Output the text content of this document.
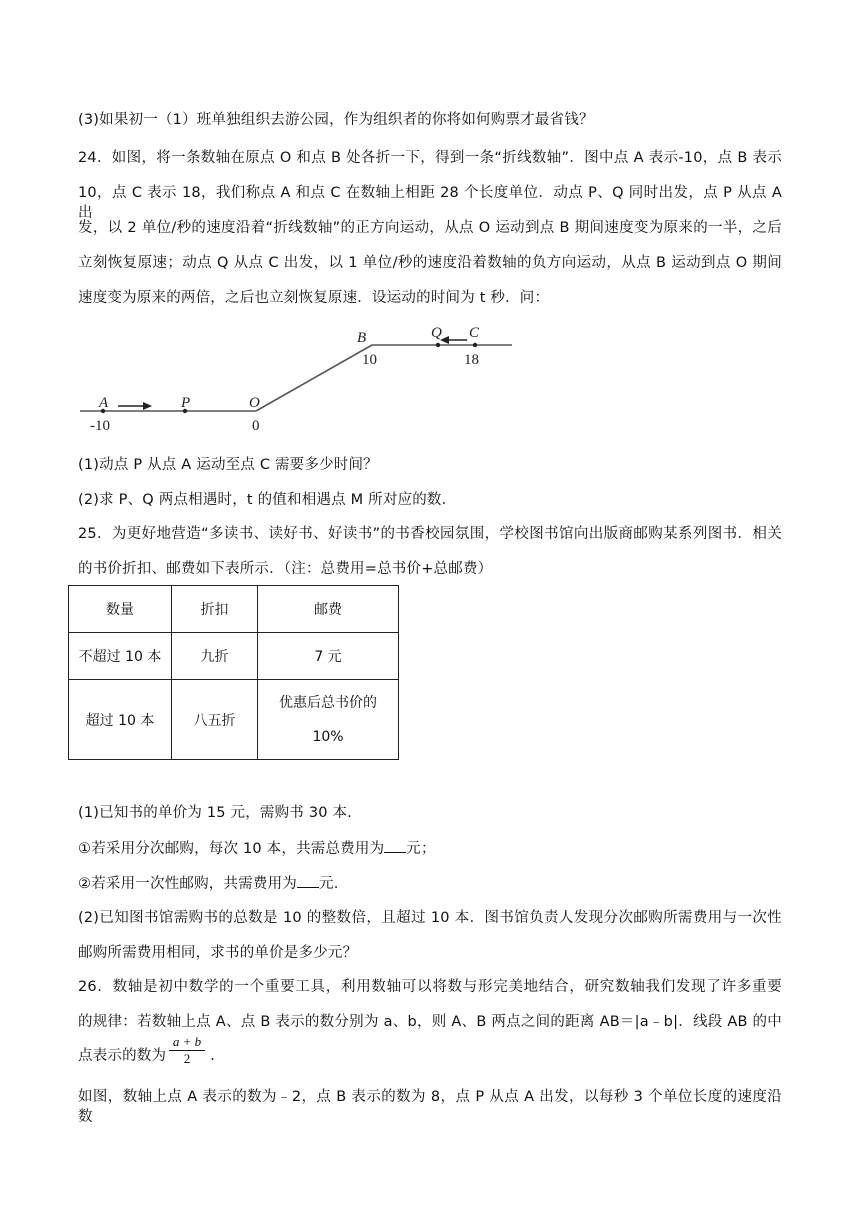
(3)如果初一（1）班单独组织去游公园，作为组织者的你将如何购票才最省钱？
24．如图，将一条数轴在原点 O 和点 B 处各折一下，得到一条“折线数轴”．图中点 A 表示-10，点 B 表示
10，点 C 表示 18，我们称点 A 和点 C 在数轴上相距 28 个长度单位．动点 P、Q 同时出发，点 P 从点 A 出
发，以 2 单位/秒的速度沿着“折线数轴”的正方向运动，从点 O 运动到点 B 期间速度变为原来的一半，之后
立刻恢复原速；动点 Q 从点 C 出发，以 1 单位/秒的速度沿着数轴的负方向运动，从点 B 运动到点 O 期间
速度变为原来的两倍，之后也立刻恢复原速．设运动的时间为 t 秒．问：
A	P	O
B	Q C
-10	0
10	18
(1)动点 P 从点 A 运动至点 C 需要多少时间？
(2)求 P、Q 两点相遇时，t 的值和相遇点 M 所对应的数．
25．为更好地营造“多读书、读好书、好读书”的书香校园氛围，学校图书馆向出版商邮购某系列图书．相关
的书价折扣、邮费如下表所示．（注：总费用=总书价+总邮费）
数量	折扣	邮费
不超过 10 本	九折	7 元
超过 10 本	八五折	优惠后总书价的
10%
(1)已知书的单价为 15 元，需购书 30 本.
①若采用分次邮购，每次 10 本，共需总费用为 元；
②若采用一次性邮购，共需费用为 元.
(2)已知图书馆需购书的总数是 10 的整数倍，且超过 10 本．图书馆负责人发现分次邮购所需费用与一次性
邮购所需费用相同，求书的单价是多少元？
26．数轴是初中数学的一个重要工具，利用数轴可以将数与形完美地结合，研究数轴我们发现了许多重要
的规律：若数轴上点 A、点 B 表示的数分别为 a、b，则 A、B 两点之间的距离 AB＝|a﹣b|．线段 AB 的中
点表示的数为	．
$\frac{a + b}{2}$
如图，数轴上点 A 表示的数为﹣2，点 B 表示的数为 8，点 P 从点 A 出发，以每秒 3 个单位长度的速度沿数
